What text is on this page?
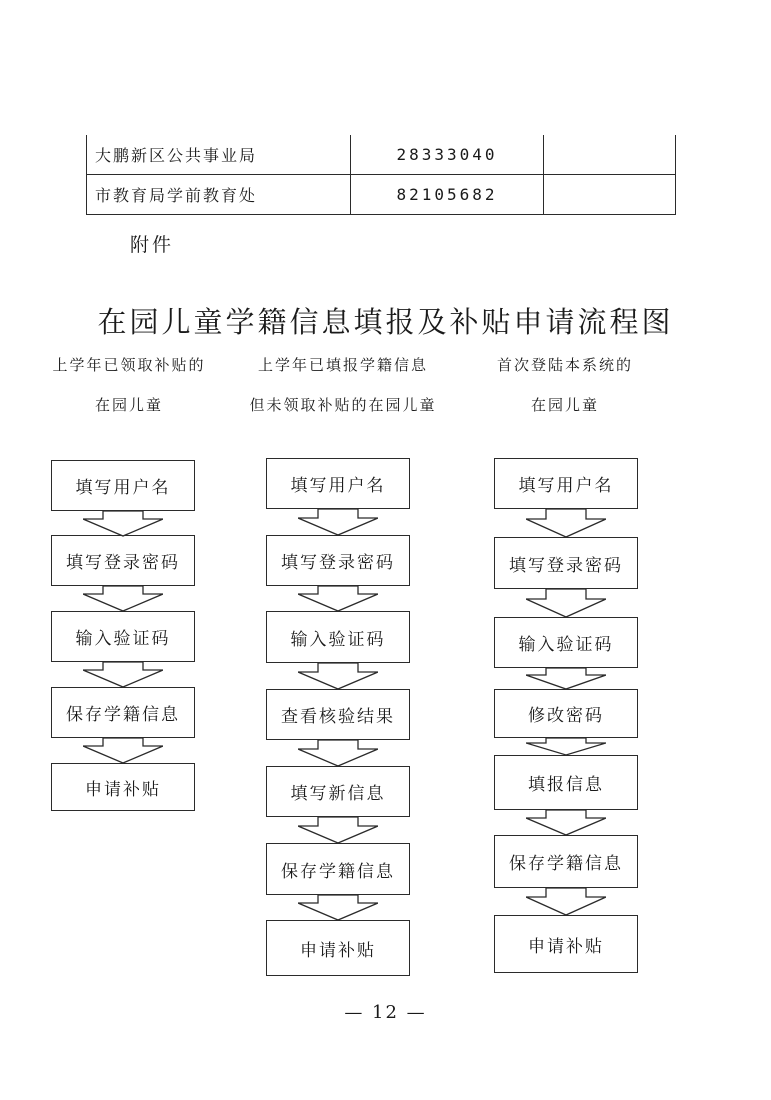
大鹏新区公共事业局	28333040	
市教育局学前教育处	82105682	
附件
在园儿童学籍信息填报及补贴申请流程图
上学年已领取补贴的
在园儿童
上学年已填报学籍信息
但未领取补贴的在园儿童
首次登陆本系统的
在园儿童
填写用户名
填写登录密码
输入验证码
保存学籍信息
申请补贴
填写用户名
填写登录密码
输入验证码
查看核验结果
填写新信息
保存学籍信息
申请补贴
填写用户名
填写登录密码
输入验证码
修改密码
填报信息
保存学籍信息
申请补贴
— 12 —
